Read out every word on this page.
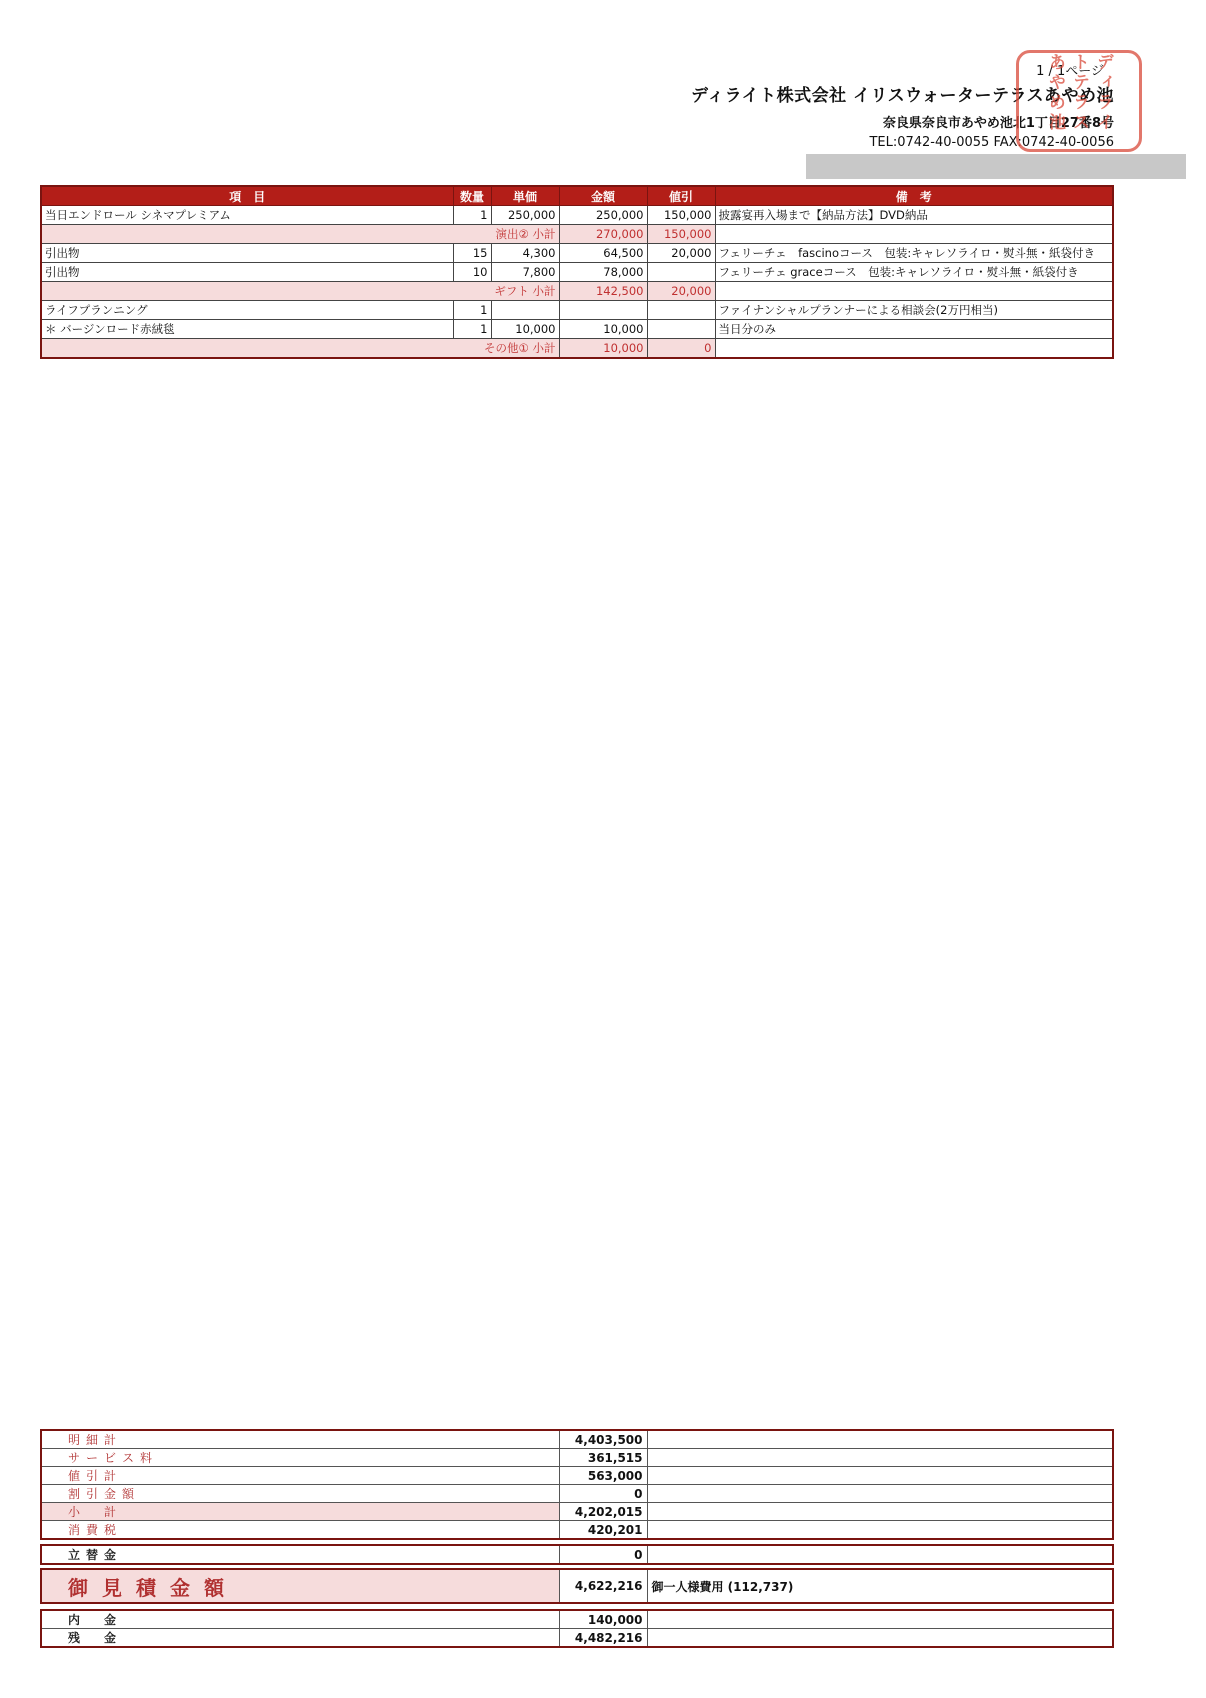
1 / 1ページ
ディライト株式会社 イリスウォーターテラスあやめ池
奈良県奈良市あやめ池北1丁目27番8号
TEL:0742-40-0055 FAX:0742-40-0056
ディライトテラスあやめ池
項　目	数量	単価	金額	値引	備　考
当日エンドロール シネマプレミアム	1	250,000	250,000	150,000	披露宴再入場まで【納品方法】DVD納品
演出② 小計			270,000	150,000	
引出物	15	4,300	64,500	20,000	フェリーチェ　fascinoコース　包装:キャレソライロ・熨斗無・紙袋付き
引出物	10	7,800	78,000		フェリーチェ graceコース　包装:キャレソライロ・熨斗無・紙袋付き
ギフト 小計			142,500	20,000	
ライフプランニング	1				ファイナンシャルプランナーによる相談会(2万円相当)
＊ バージンロード赤絨毯	1	10,000	10,000		当日分のみ
その他① 小計			10,000	0	
明細計	4,403,500	
サービス料	361,515	
値引計	563,000	
割引金額	0	
小　計	4,202,015	
消費税	420,201	
立替金	0	
御見積金額	4,622,216	御一人様費用 (112,737)
内　金	140,000	
残　金	4,482,216	
